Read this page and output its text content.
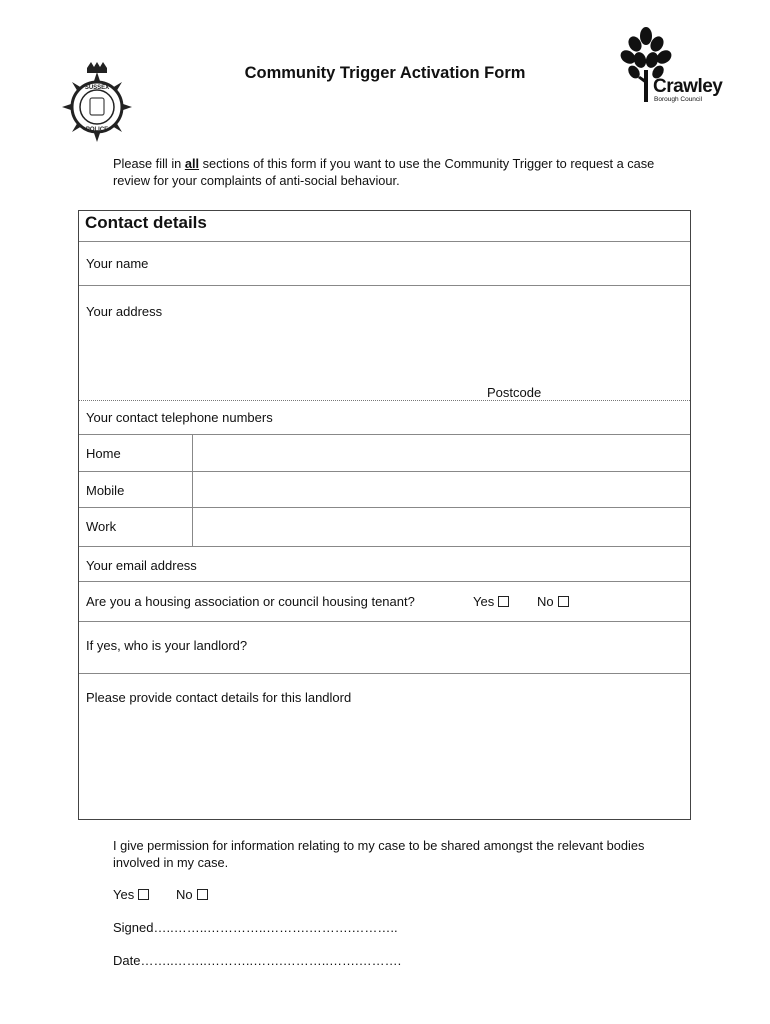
SUSSEX
POLICE
Community Trigger Activation Form
Crawley
Borough Council
Please fill in all sections of this form if you want to use the Community Trigger to request a case review for your complaints of anti-social behaviour.
Contact details
Your name
Your address
Postcode
Your contact telephone numbers
Home
Mobile
Work
Your email address
Are you a housing association or council housing tenant?	Yes	No
If yes, who is your landlord?
Please provide contact details for this landlord
I give permission for information relating to my case to be shared amongst the relevant bodies involved in my case.
Yes	No
Signed…..……..…………..……….……….………..
Date……..……..………..…….………..…….……….
